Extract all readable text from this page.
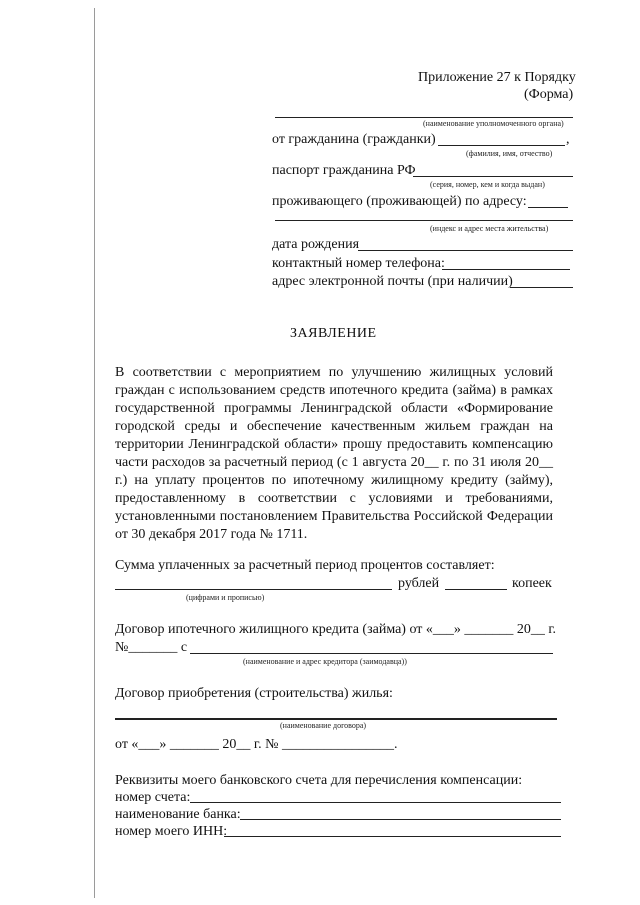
Приложение 27 к Порядку
(Форма)
(наименование уполномоченного органа)
от гражданина (гражданки)	,
(фамилия, имя, отчество)
паспорт гражданина РФ
(серия, номер, кем и когда выдан)
проживающего (проживающей) по адресу:
(индекс и адрес места жительства)
дата рождения
контактный номер телефона:
адрес электронной почты (при наличии)
ЗАЯВЛЕНИЕ
В соответствии с мероприятием по улучшению жилищных условий
граждан с использованием средств ипотечного кредита (займа) в рамках
государственной программы Ленинградской области «Формирование
городской среды и обеспечение качественным жильем граждан на
территории Ленинградской области» прошу предоставить компенсацию
части расходов за расчетный период (с 1 августа 20__ г. по 31 июля 20__
г.) на уплату процентов по ипотечному жилищному кредиту (займу),
предоставленному в соответствии с условиями и требованиями,
установленными постановлением Правительства Российской Федерации
от 30 декабря 2017 года № 1711.
Сумма уплаченных за расчетный период процентов составляет:
рублей	копеек
(цифрами и прописью)
Договор ипотечного жилищного кредита (займа) от «___» _______ 20__ г.
№_______ с
(наименование и адрес кредитора (заимодавца))
Договор приобретения (строительства) жилья:
(наименование договора)
от «___» _______ 20__ г. № ________________.
Реквизиты моего банковского счета для перечисления компенсации:
номер счета:
наименование банка:
номер моего ИНН:
